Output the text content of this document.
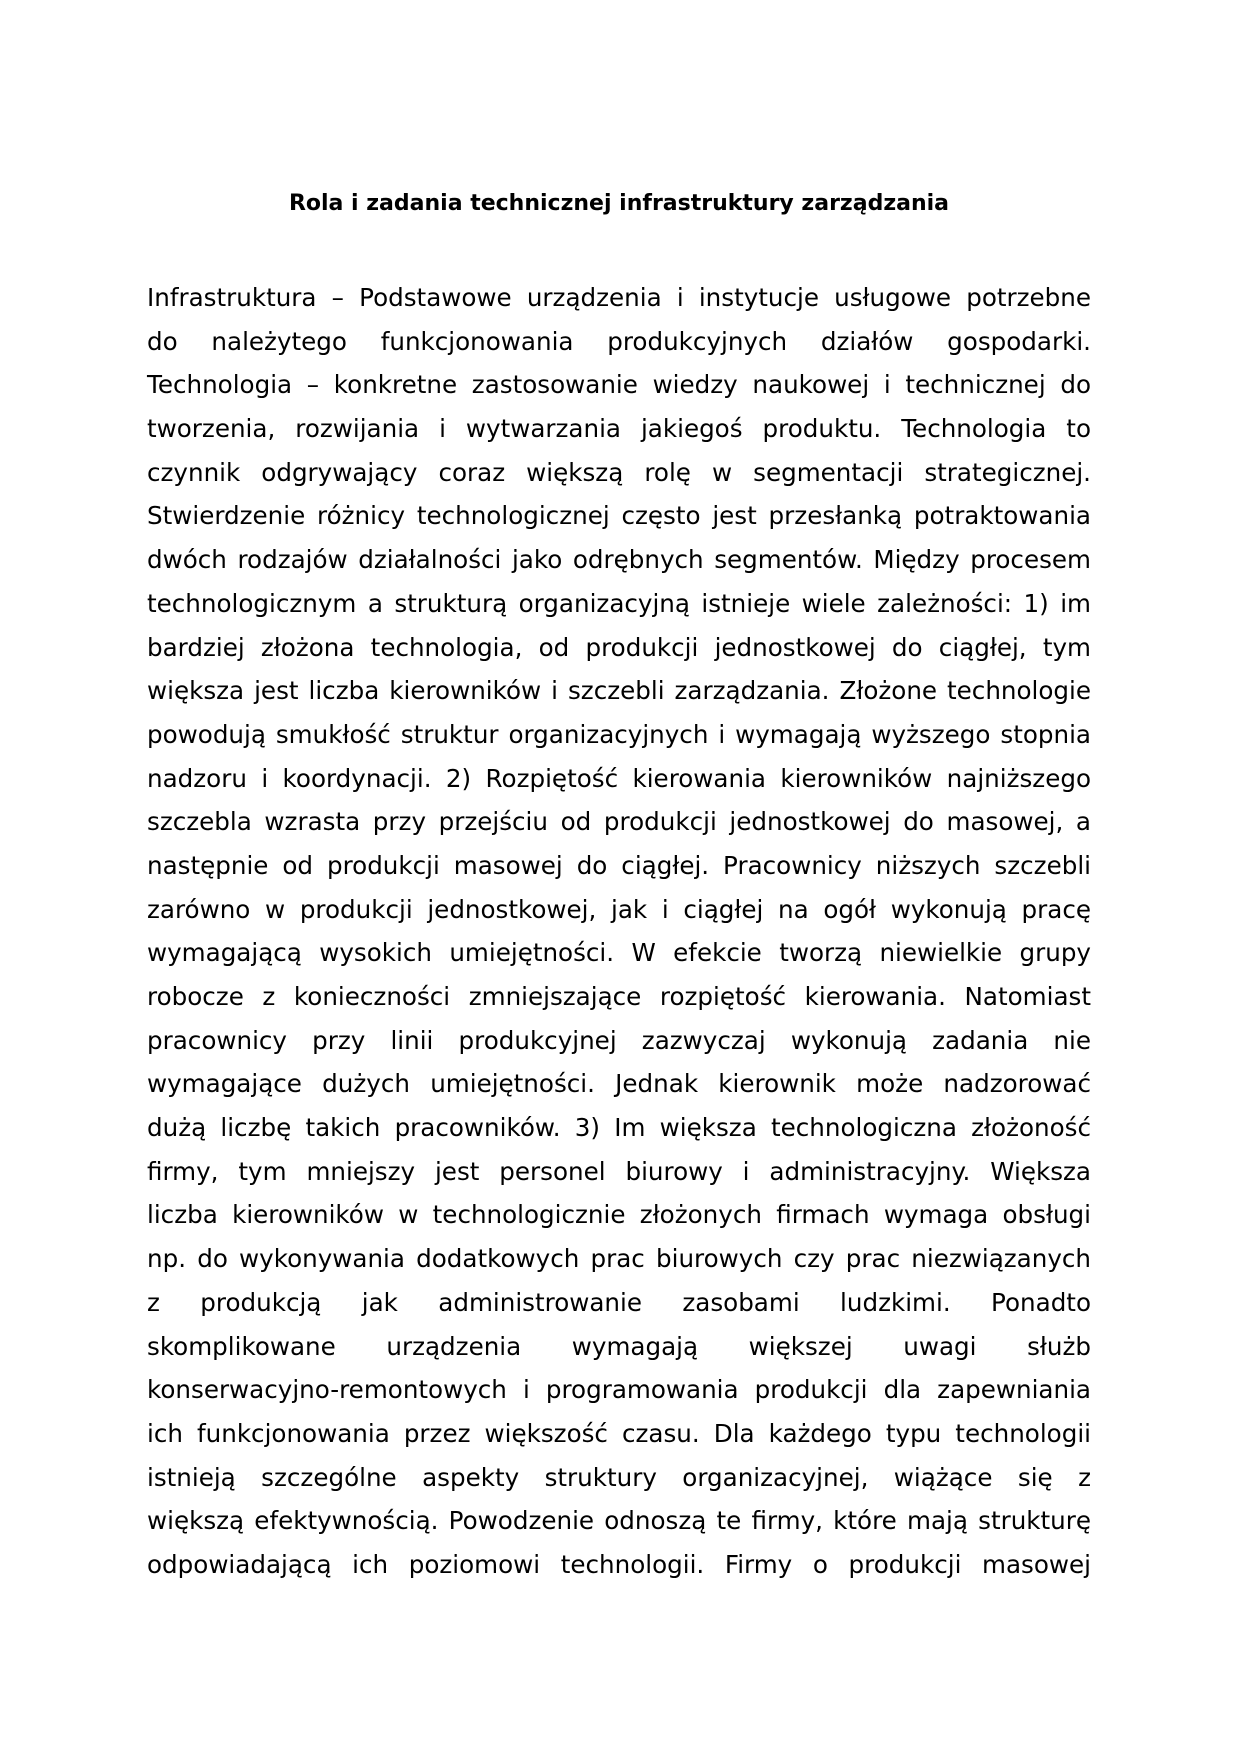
Rola i zadania technicznej infrastruktury zarządzania
Infrastruktura – Podstawowe urządzenia i instytucje usługowe potrzebne
do należytego funkcjonowania produkcyjnych działów gospodarki.
Technologia – konkretne zastosowanie wiedzy naukowej i technicznej do
tworzenia, rozwijania i wytwarzania jakiegoś produktu. Technologia to
czynnik odgrywający coraz większą rolę w segmentacji strategicznej.
Stwierdzenie różnicy technologicznej często jest przesłanką potraktowania
dwóch rodzajów działalności jako odrębnych segmentów. Między procesem
technologicznym a strukturą organizacyjną istnieje wiele zależności: 1) im
bardziej złożona technologia, od produkcji jednostkowej do ciągłej, tym
większa jest liczba kierowników i szczebli zarządzania. Złożone technologie
powodują smukłość struktur organizacyjnych i wymagają wyższego stopnia
nadzoru i koordynacji. 2) Rozpiętość kierowania kierowników najniższego
szczebla wzrasta przy przejściu od produkcji jednostkowej do masowej, a
następnie od produkcji masowej do ciągłej. Pracownicy niższych szczebli
zarówno w produkcji jednostkowej, jak i ciągłej na ogół wykonują pracę
wymagającą wysokich umiejętności. W efekcie tworzą niewielkie grupy
robocze z konieczności zmniejszające rozpiętość kierowania. Natomiast
pracownicy przy linii produkcyjnej zazwyczaj wykonują zadania nie
wymagające dużych umiejętności. Jednak kierownik może nadzorować
dużą liczbę takich pracowników. 3) Im większa technologiczna złożoność
firmy, tym mniejszy jest personel biurowy i administracyjny. Większa
liczba kierowników w technologicznie złożonych firmach wymaga obsługi
np. do wykonywania dodatkowych prac biurowych czy prac niezwiązanych
z produkcją jak administrowanie zasobami ludzkimi. Ponadto
skomplikowane urządzenia wymagają większej uwagi służb
konserwacyjno-remontowych i programowania produkcji dla zapewniania
ich funkcjonowania przez większość czasu. Dla każdego typu technologii
istnieją szczególne aspekty struktury organizacyjnej, wiążące się z
większą efektywnością. Powodzenie odnoszą te firmy, które mają strukturę
odpowiadającą ich poziomowi technologii. Firmy o produkcji masowej
